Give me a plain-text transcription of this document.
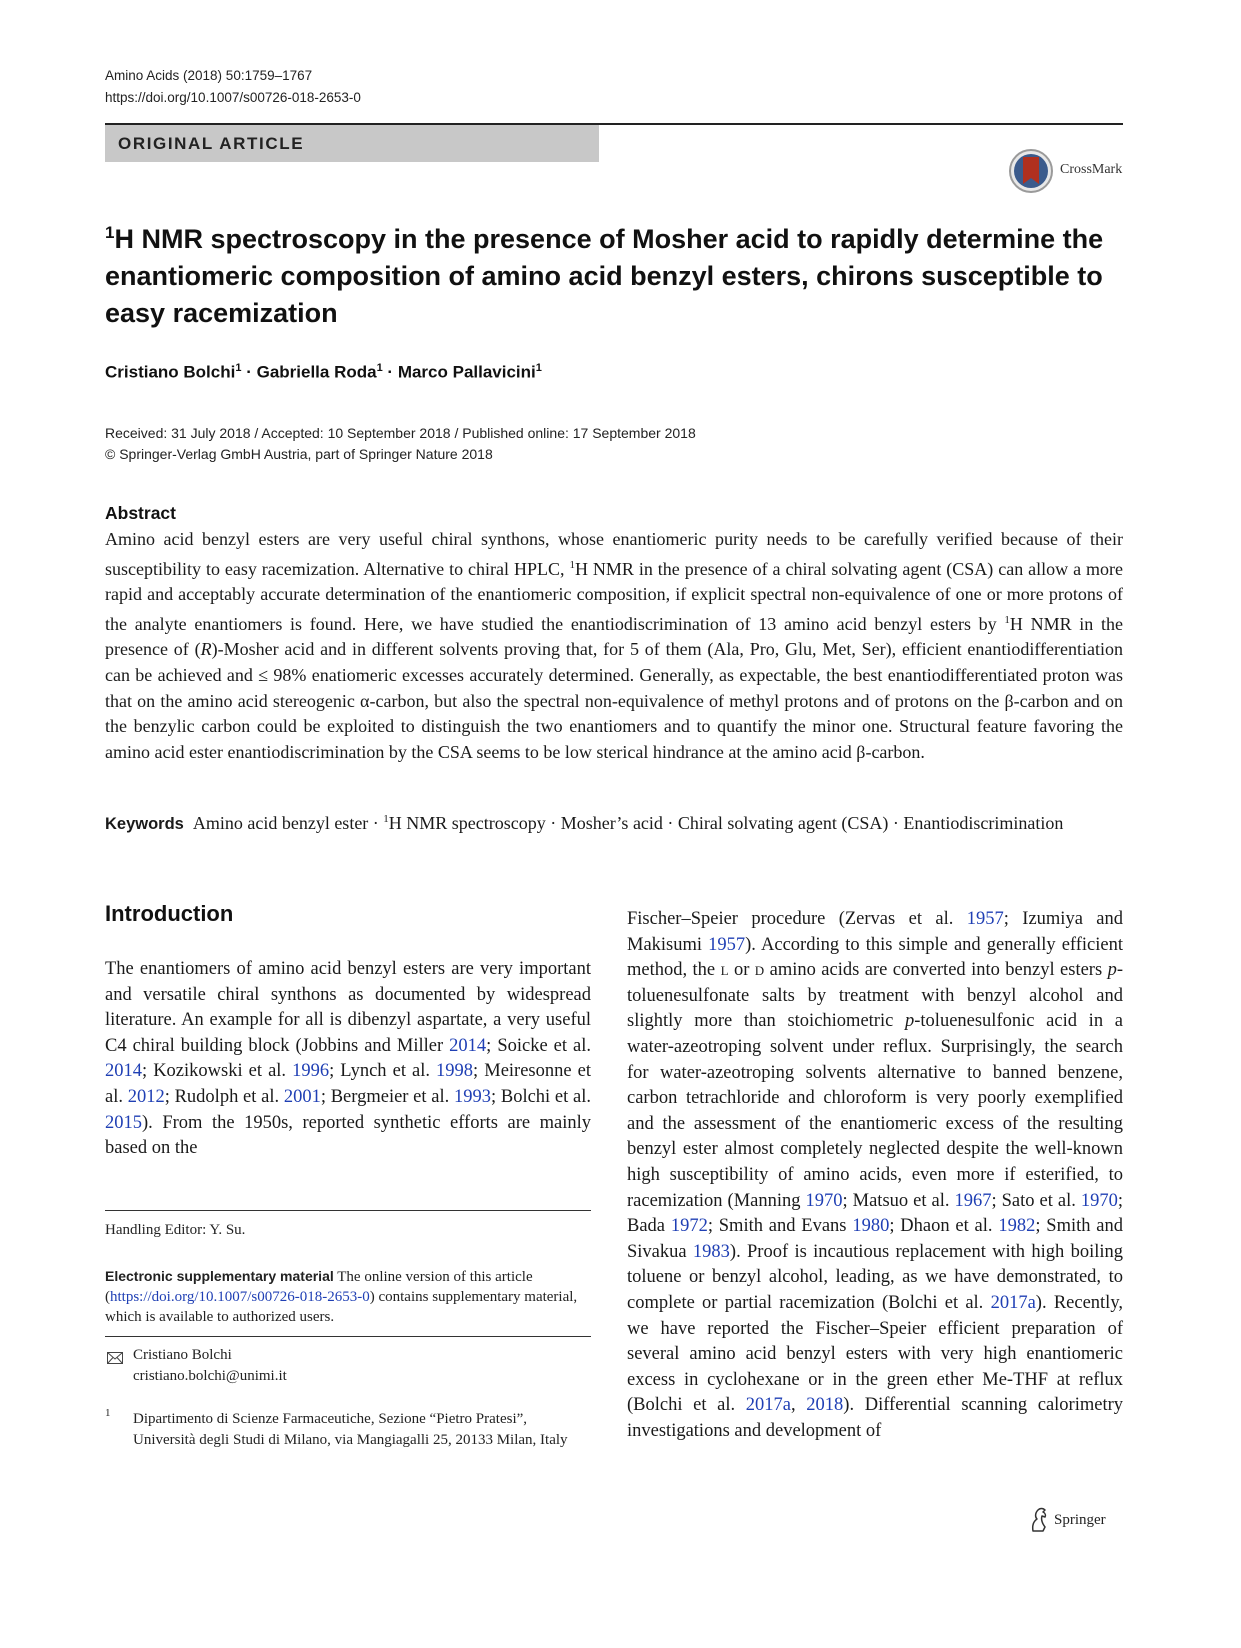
Amino Acids (2018) 50:1759–1767
https://doi.org/10.1007/s00726-018-2653-0
ORIGINAL ARTICLE
CrossMark
$^1$H NMR spectroscopy in the presence of Mosher acid to rapidly determine the enantiomeric composition of amino acid benzyl esters, chirons susceptible to easy racemization
Cristiano Bolchi$^1$ · Gabriella Roda$^1$ · Marco Pallavicini$^1$
Received: 31 July 2018 / Accepted: 10 September 2018 / Published online: 17 September 2018
© Springer-Verlag GmbH Austria, part of Springer Nature 2018
Abstract

Amino acid benzyl esters are very useful chiral synthons, whose enantiomeric purity needs to be carefully verified because of their susceptibility to easy racemization. Alternative to chiral HPLC, $^1$H NMR in the presence of a chiral solvating agent (CSA) can allow a more rapid and acceptably accurate determination of the enantiomeric composition, if explicit spectral non-equivalence of one or more protons of the analyte enantiomers is found. Here, we have studied the enantiodiscrimination of 13 amino acid benzyl esters by $^1$H NMR in the presence of (R)-Mosher acid and in different solvents proving that, for 5 of them (Ala, Pro, Glu, Met, Ser), efficient enantiodifferentiation can be achieved and ≤ 98% enatiomeric excesses accurately determined. Generally, as expectable, the best enantiodifferentiated proton was that on the amino acid stereogenic α-carbon, but also the spectral non-equivalence of methyl protons and of protons on the β-carbon and on the benzylic carbon could be exploited to distinguish the two enantiomers and to quantify the minor one. Structural feature favoring the amino acid ester enantiodiscrimination by the CSA seems to be low sterical hindrance at the amino acid β-carbon.

Keywords Amino acid benzyl ester · $^1$H NMR spectroscopy · Mosher’s acid · Chiral solvating agent (CSA) · Enantiodiscrimination

Introduction

The enantiomers of amino acid benzyl esters are very important and versatile chiral synthons as documented by widespread literature. An example for all is dibenzyl aspartate, a very useful C4 chiral building block (Jobbins and Miller 2014; Soicke et al. 2014; Kozikowski et al. 1996; Lynch et al. 1998; Meiresonne et al. 2012; Rudolph et al. 2001; Bergmeier et al. 1993; Bolchi et al. 2015). From the 1950s, reported synthetic efforts are mainly based on the

Fischer–Speier procedure (Zervas et al. 1957; Izumiya and Makisumi 1957). According to this simple and generally efficient method, the l or d amino acids are converted into benzyl esters p-toluenesulfonate salts by treatment with benzyl alcohol and slightly more than stoichiometric p-toluenesulfonic acid in a water-azeotroping solvent under reflux. Surprisingly, the search for water-azeotroping solvents alternative to banned benzene, carbon tetrachloride and chloroform is very poorly exemplified and the assessment of the enantiomeric excess of the resulting benzyl ester almost completely neglected despite the well-known high susceptibility of amino acids, even more if esterified, to racemization (Manning 1970; Matsuo et al. 1967; Sato et al. 1970; Bada 1972; Smith and Evans 1980; Dhaon et al. 1982; Smith and Sivakua 1983). Proof is incautious replacement with high boiling toluene or benzyl alcohol, leading, as we have demonstrated, to complete or partial racemization (Bolchi et al. 2017a). Recently, we have reported the Fischer–Speier efficient preparation of several amino acid benzyl esters with very high enantiomeric excess in cyclohexane or in the green ether Me-THF at reflux (Bolchi et al. 2017a, 2018). Differential scanning calorimetry investigations and development of

Handling Editor: Y. Su.

Electronic supplementary material The online version of this article (https://doi.org/10.1007/s00726-018-2653-0) contains supplementary material, which is available to authorized users.

Cristiano Bolchi
cristiano.bolchi@unimi.it
1 Dipartimento di Scienze Farmaceutiche, Sezione “Pietro Pratesi”, Università degli Studi di Milano, via Mangiagalli 25, 20133 Milan, Italy

Springer
